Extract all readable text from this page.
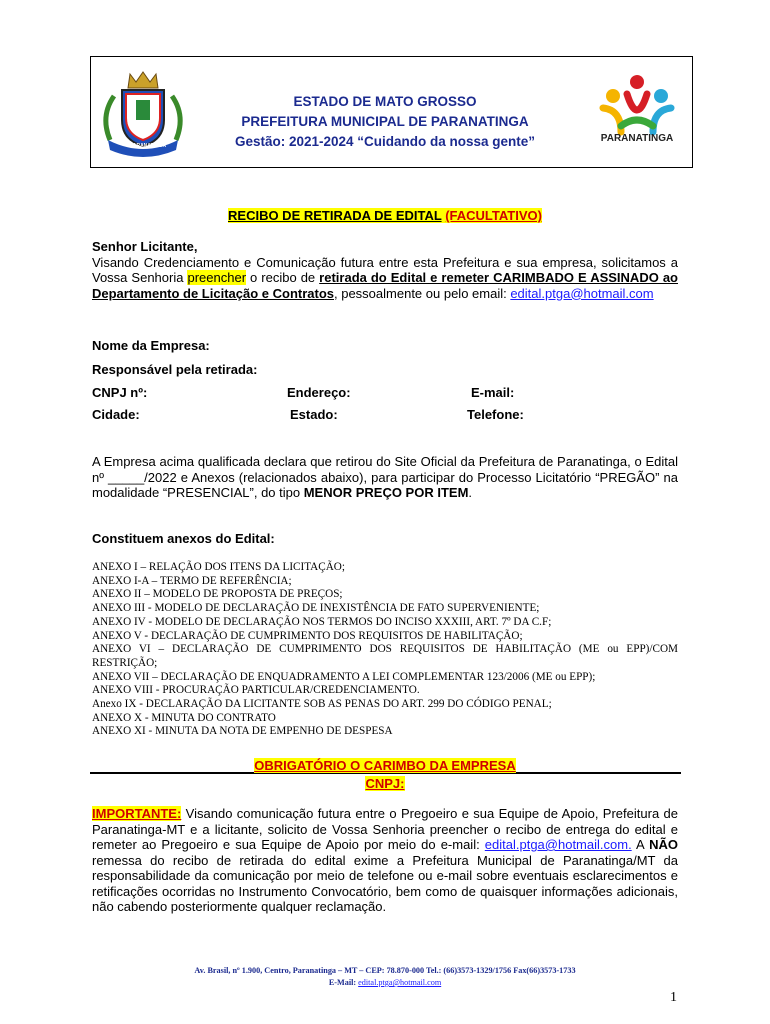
PARANATINGA
ESTADO DE MATO GROSSO
PREFEITURA MUNICIPAL DE PARANATINGA
Gestão: 2021-2024 “Cuidando da nossa gente”	PARANATINGA
RECIBO DE RETIRADA DE EDITAL (FACULTATIVO)
Senhor Licitante,
Visando Credenciamento e Comunicação futura entre esta Prefeitura e sua empresa, solicitamos a Vossa Senhoria preencher o recibo de retirada do Edital e remeter CARIMBADO E ASSINADO ao Departamento de Licitação e Contratos, pessoalmente ou pelo email: edital.ptga@hotmail.com
Nome da Empresa:
Responsável pela retirada:
CNPJ nº:	Endereço:	E-mail:
Cidade:	Estado:	Telefone:
A Empresa acima qualificada declara que retirou do Site Oficial da Prefeitura de Paranatinga, o Edital nº _____/2022 e Anexos (relacionados abaixo), para participar do Processo Licitatório “PREGÃO” na modalidade “PRESENCIAL”, do tipo MENOR PREÇO POR ITEM.
Constituem anexos do Edital:
ANEXO I – RELAÇÃO DOS ITENS DA LICITAÇÃO;
ANEXO I-A – TERMO DE REFERÊNCIA;
ANEXO II – MODELO DE PROPOSTA DE PREÇOS;
ANEXO III - MODELO DE DECLARAÇÃO DE INEXISTÊNCIA DE FATO SUPERVENIENTE;
ANEXO IV - MODELO DE DECLARAÇÃO NOS TERMOS DO INCISO XXXIII, ART. 7º DA C.F;
ANEXO V - DECLARAÇÃO DE CUMPRIMENTO DOS REQUISITOS DE HABILITAÇÃO;
ANEXO VI – DECLARAÇÃO DE CUMPRIMENTO DOS REQUISITOS DE HABILITAÇÃO (ME ou EPP)/COM RESTRIÇÃO;
ANEXO VII – DECLARAÇÃO DE ENQUADRAMENTO A LEI COMPLEMENTAR 123/2006 (ME ou EPP);
ANEXO VIII - PROCURAÇÃO PARTICULAR/CREDENCIAMENTO.
Anexo IX - DECLARAÇÃO DA LICITANTE SOB AS PENAS DO ART. 299 DO CÓDIGO PENAL;
ANEXO X - MINUTA DO CONTRATO
ANEXO XI - MINUTA DA NOTA DE EMPENHO DE DESPESA
OBRIGATÓRIO O CARIMBO DA EMPRESA
CNPJ:
IMPORTANTE: Visando comunicação futura entre o Pregoeiro e sua Equipe de Apoio, Prefeitura de Paranatinga-MT e a licitante, solicito de Vossa Senhoria preencher o recibo de entrega do edital e remeter ao Pregoeiro e sua Equipe de Apoio por meio do e-mail: edital.ptga@hotmail.com. A NÃO remessa do recibo de retirada do edital exime a Prefeitura Municipal de Paranatinga/MT da responsabilidade da comunicação por meio de telefone ou e-mail sobre eventuais esclarecimentos e retificações ocorridas no Instrumento Convocatório, bem como de quaisquer informações adicionais, não cabendo posteriormente qualquer reclamação.
Av. Brasil, nº 1.900, Centro, Paranatinga – MT – CEP: 78.870-000 Tel.: (66)3573-1329/1756 Fax(66)3573-1733
E-Mail: edital.ptga@hotmail.com
1
